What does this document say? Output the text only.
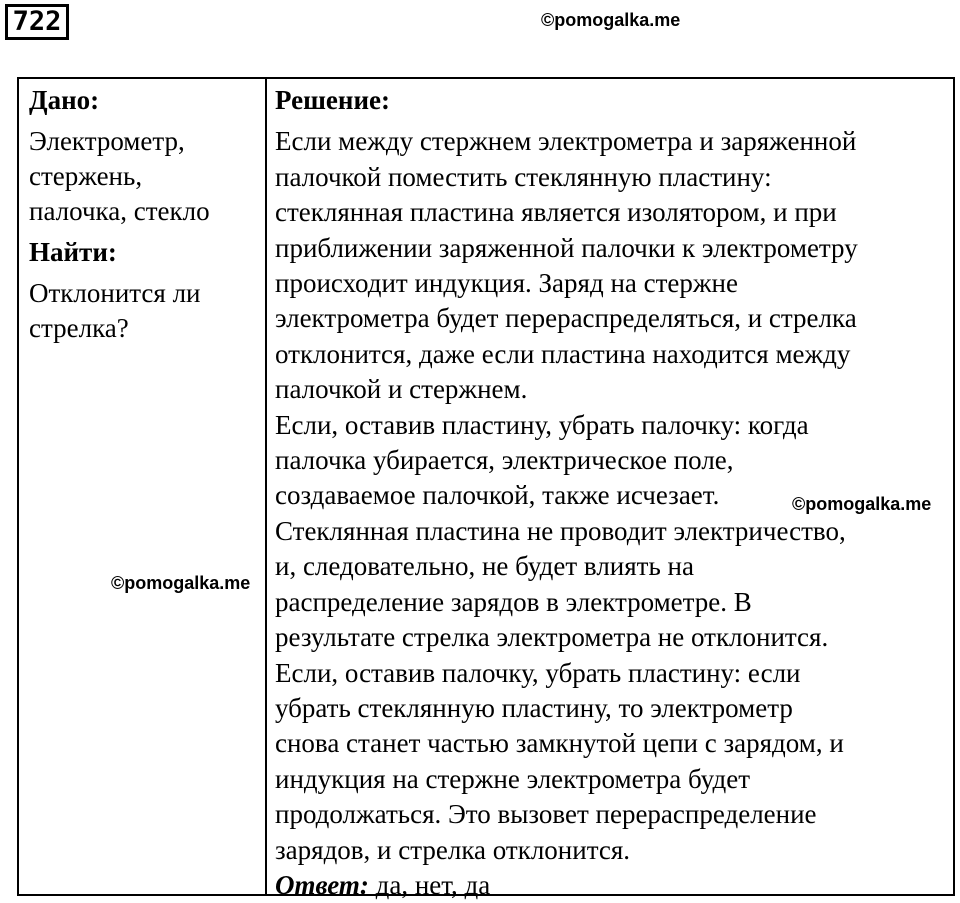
722	©pomogalka.me
Дано:
Электрометр,
стержень,
палочка, стекло
Найти:
Отклонится ли
стрелка?
Решение:
Если между стержнем электрометра и заряженной
палочкой поместить стеклянную пластину:
стеклянная пластина является изолятором, и при
приближении заряженной палочки к электрометру
происходит индукция. Заряд на стержне
электрометра будет перераспределяться, и стрелка
отклонится, даже если пластина находится между
палочкой и стержнем.
Если, оставив пластину, убрать палочку: когда
палочка убирается, электрическое поле,
создаваемое палочкой, также исчезает.
Стеклянная пластина не проводит электричество,
и, следовательно, не будет влиять на
распределение зарядов в электрометре. В
результате стрелка электрометра не отклонится.
Если, оставив палочку, убрать пластину: если
убрать стеклянную пластину, то электрометр
снова станет частью замкнутой цепи с зарядом, и
индукция на стержне электрометра будет
продолжаться. Это вызовет перераспределение
зарядов, и стрелка отклонится.
Ответ: да, нет, да
©pomogalka.me
©pomogalka.me
